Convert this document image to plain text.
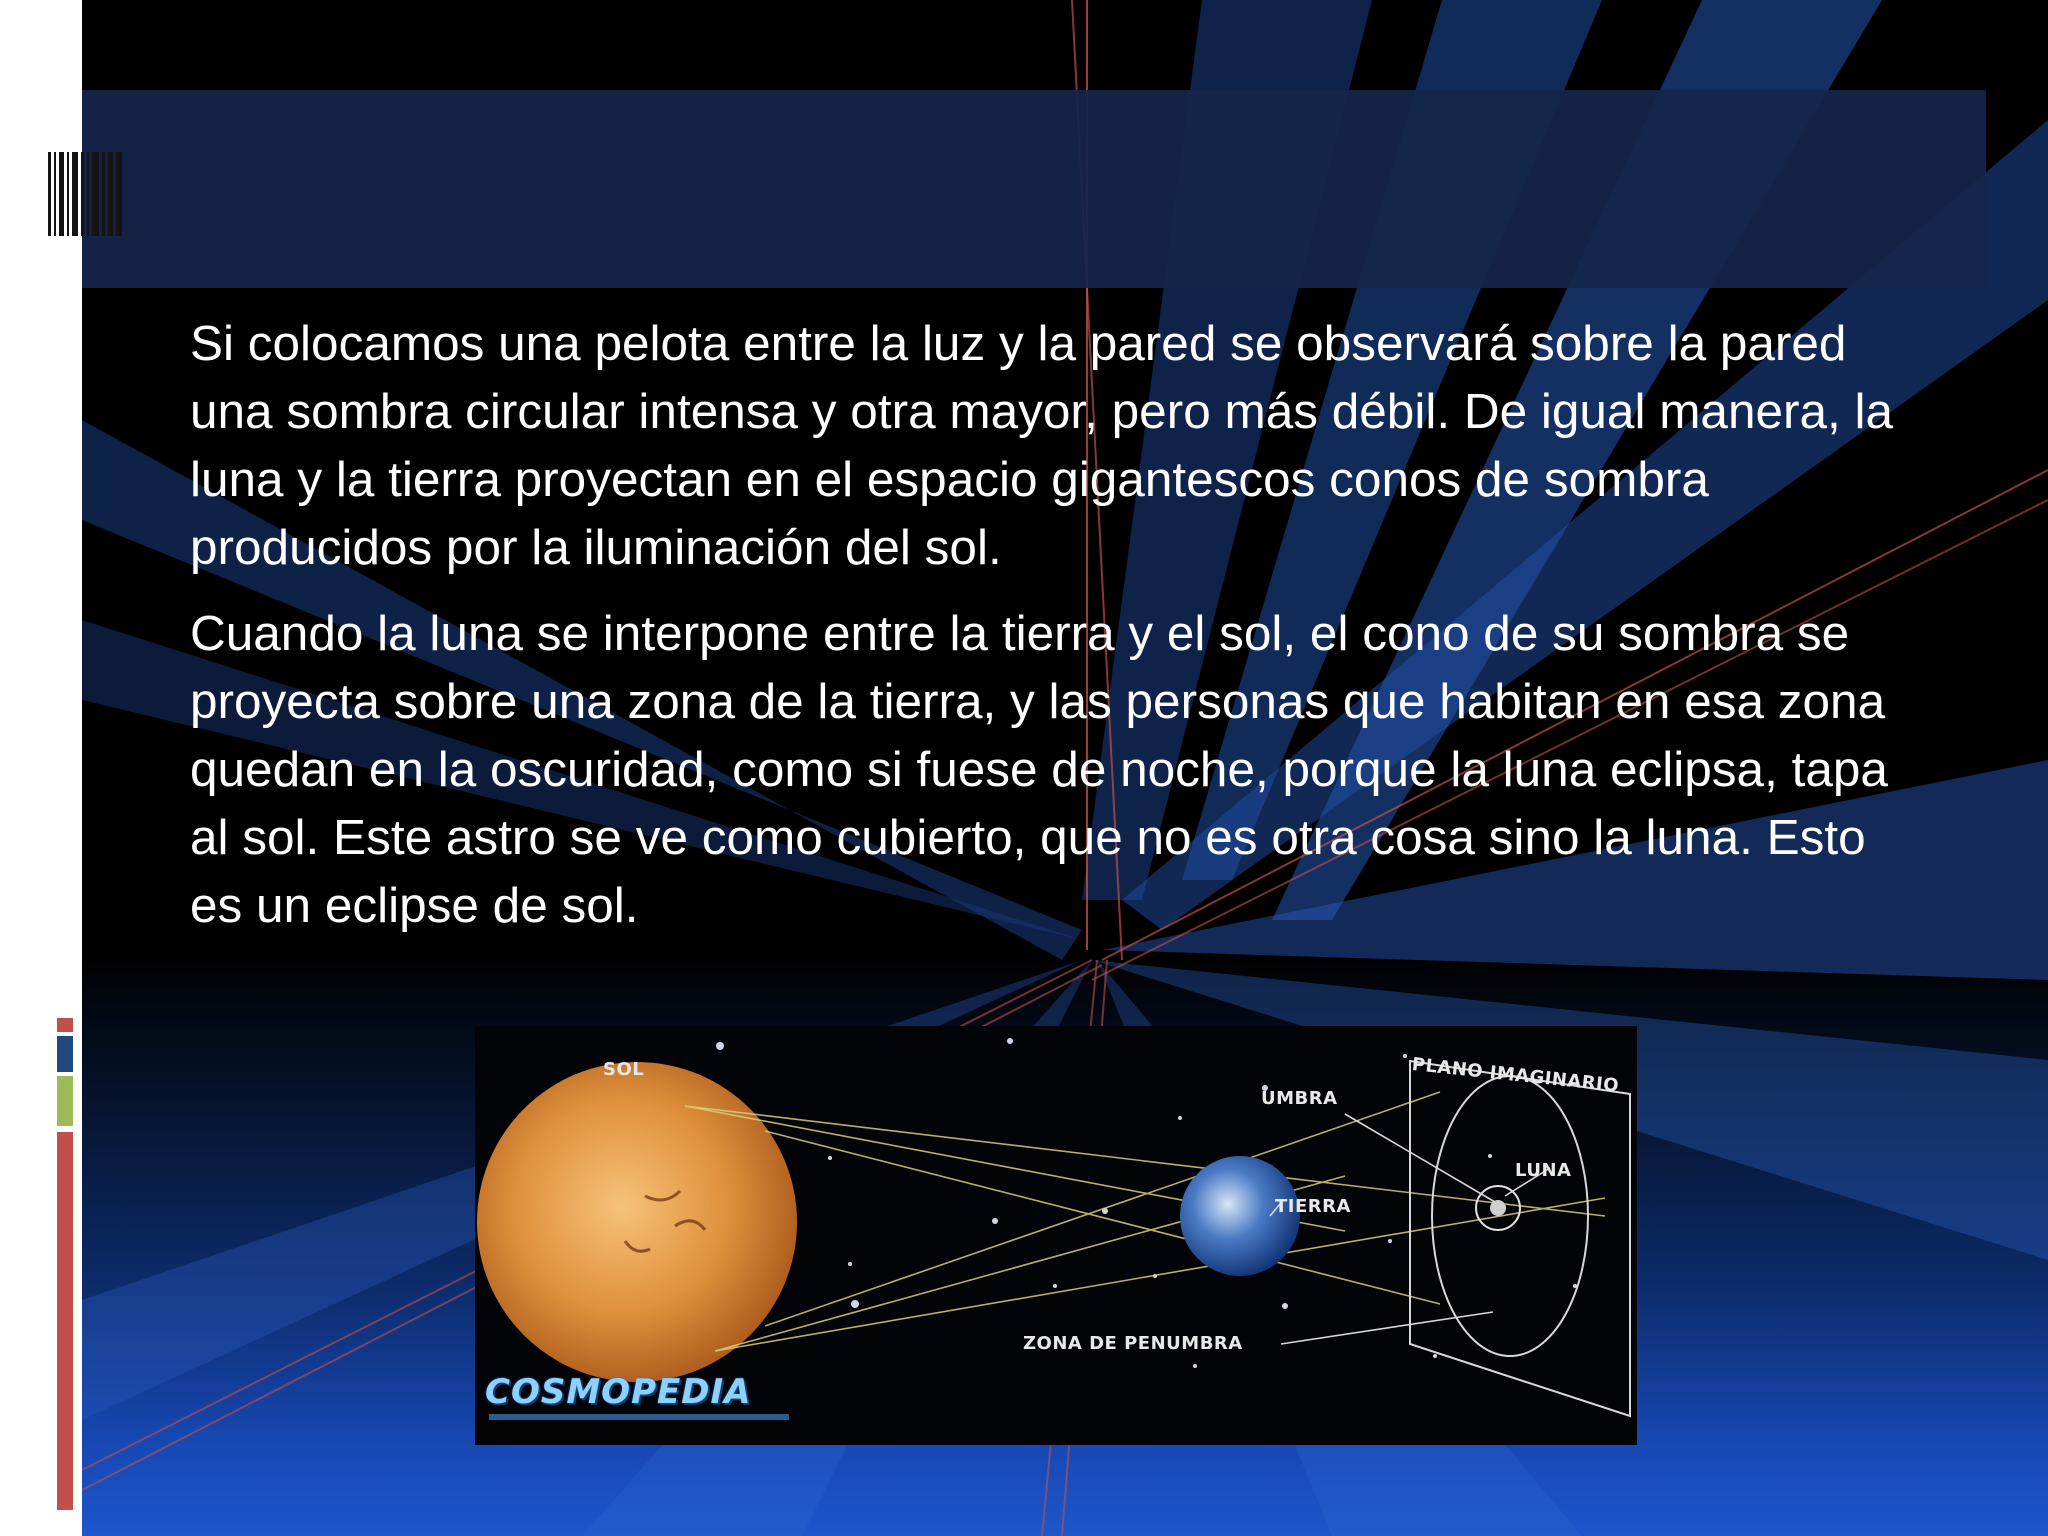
Si colocamos una pelota entre la luz y la pared se observará sobre la pared una sombra circular intensa y otra mayor, pero más débil. De igual manera, la luna y la tierra proyectan en el espacio gigantescos conos de sombra producidos por la iluminación del sol.

Cuando la luna se interpone entre la tierra y el sol, el cono de su sombra se proyecta sobre una zona de la tierra, y las personas que habitan en esa zona quedan en la oscuridad, como si fuese de noche, porque la luna eclipsa, tapa al sol. Este astro se ve como cubierto, que no es otra cosa sino la luna. Esto es un eclipse de sol.

SOL
UMBRA
PLANO IMAGINARIO
LUNA
TIERRA
ZONA DE PENUMBRA
COSMOPEDIA
